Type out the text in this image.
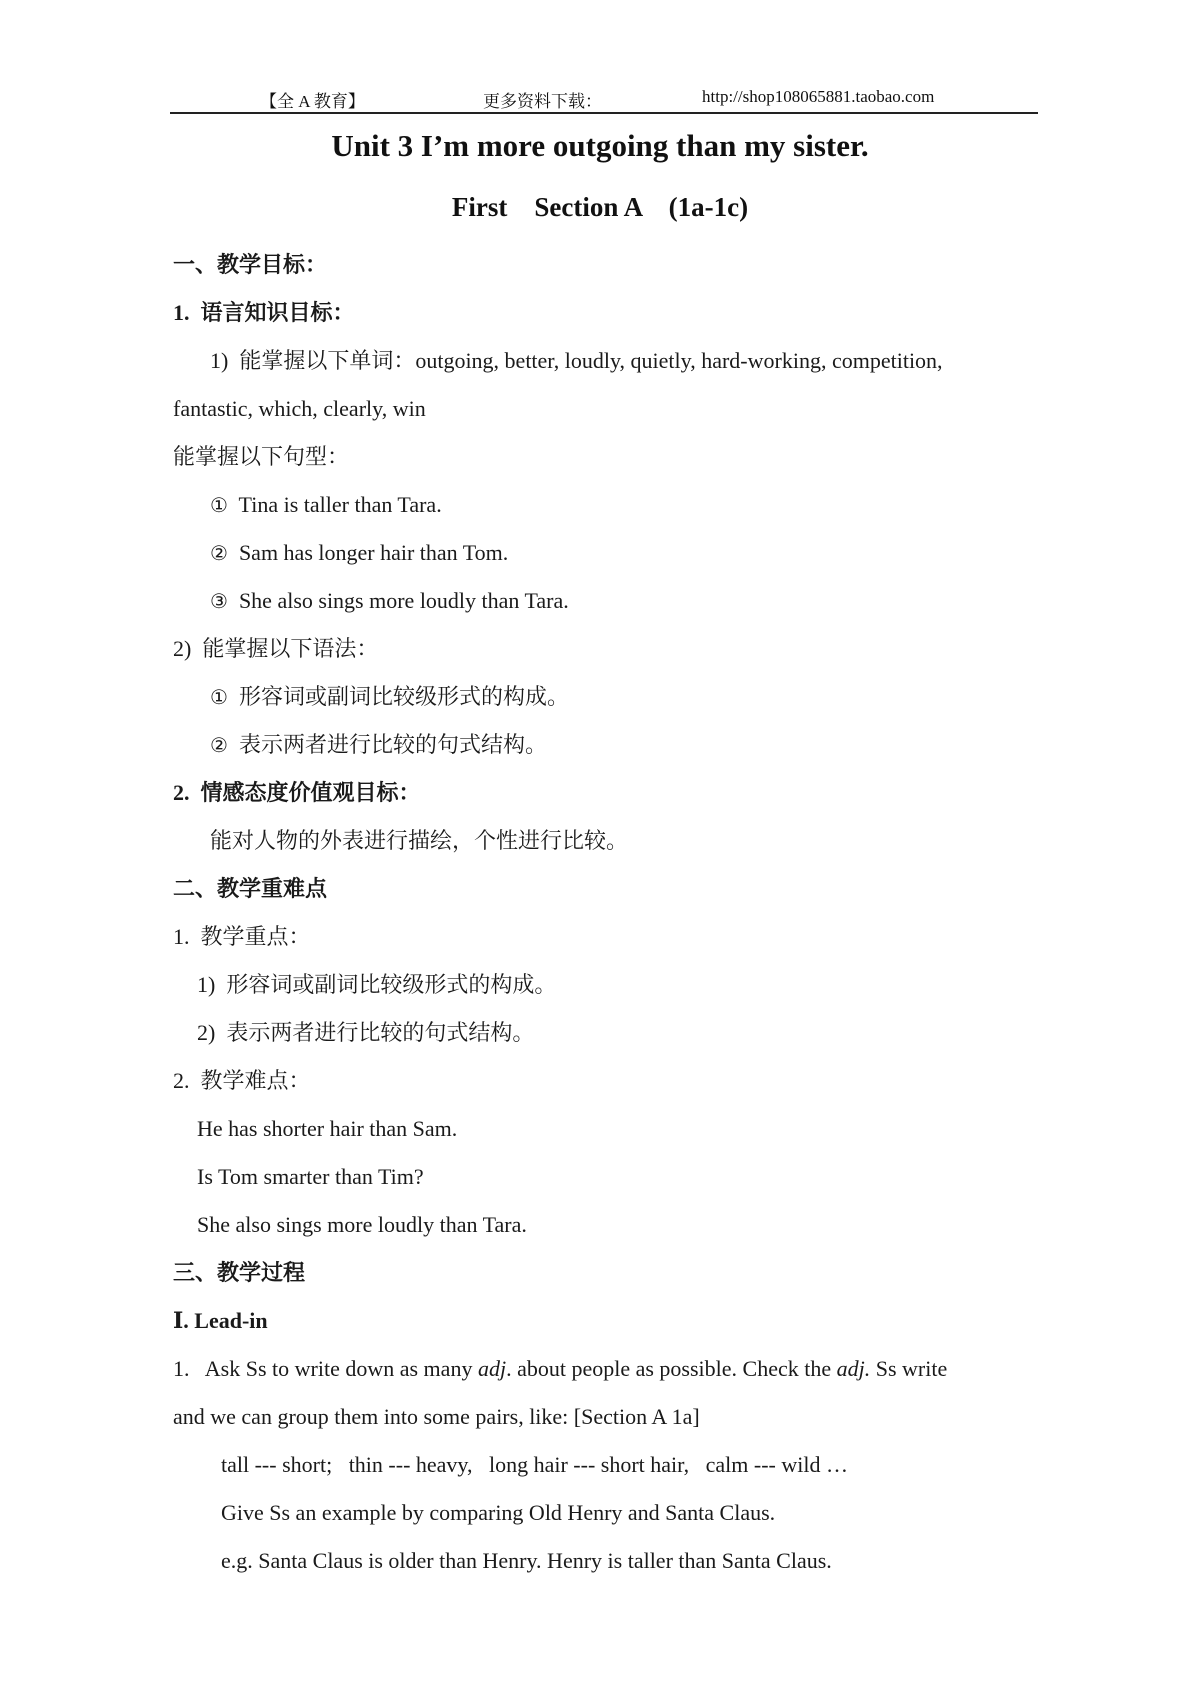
【全 A 教育】	更多资料下载：	http://shop108065881.taobao.com
Unit 3 I’m more outgoing than my sister.
First    Section A    (1a-1c)
一、教学目标：
1.  语言知识目标：
1)  能掌握以下单词：outgoing, better, loudly, quietly, hard-working, competition,
fantastic, which, clearly, win
能掌握以下句型：
① Tina is taller than Tara.
② Sam has longer hair than Tom.
③ She also sings more loudly than Tara.
2)  能掌握以下语法：
① 形容词或副词比较级形式的构成。
② 表示两者进行比较的句式结构。
2.  情感态度价值观目标：
能对人物的外表进行描绘，个性进行比较。
二、教学重难点
1.  教学重点：
1)  形容词或副词比较级形式的构成。
2)  表示两者进行比较的句式结构。
2.  教学难点：
He has shorter hair than Sam.
Is Tom smarter than Tim?
She also sings more loudly than Tara.
三、教学过程
Ⅰ. Lead-in
1.   Ask Ss to write down as many adj. about people as possible. Check the adj. Ss write
and we can group them into some pairs, like: [Section A 1a]
tall --- short;   thin --- heavy,   long hair --- short hair,   calm --- wild …
Give Ss an example by comparing Old Henry and Santa Claus.
e.g. Santa Claus is older than Henry. Henry is taller than Santa Claus.
